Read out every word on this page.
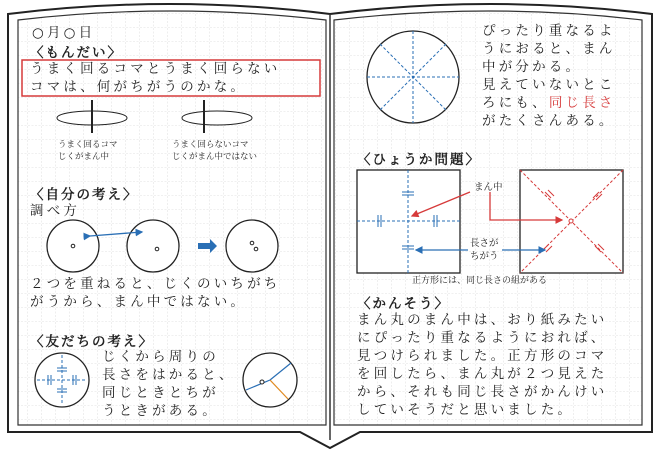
○月○日
〈もんだい〉
うまく回るコマとうまく回らない
コマは、何がちがうのかな。
うまく回るコマ
じくがまん中
うまく回らないコマ
じくがまん中ではない
〈自分の考え〉
調べ方
２つを重ねると、じくのいちがち
がうから、まん中ではない。
〈友だちの考え〉
じくから周りの
長さをはかると、
同じときとちが
うときがある。
ぴったり重なるよ
うにおると、まん
中が分かる。
見えていないとこ
ろにも、同じ長さ
がたくさんある。
〈ひょうか問題〉
まん中
長さが
ちがう
正方形には、同じ長さの組がある
〈かんそう〉
まん丸のまん中は、おり紙みたい
にぴったり重なるようにおれば、
見つけられました。正方形のコマ
を回したら、まん丸が２つ見えた
から、それも同じ長さがかんけい
していそうだと思いました。
